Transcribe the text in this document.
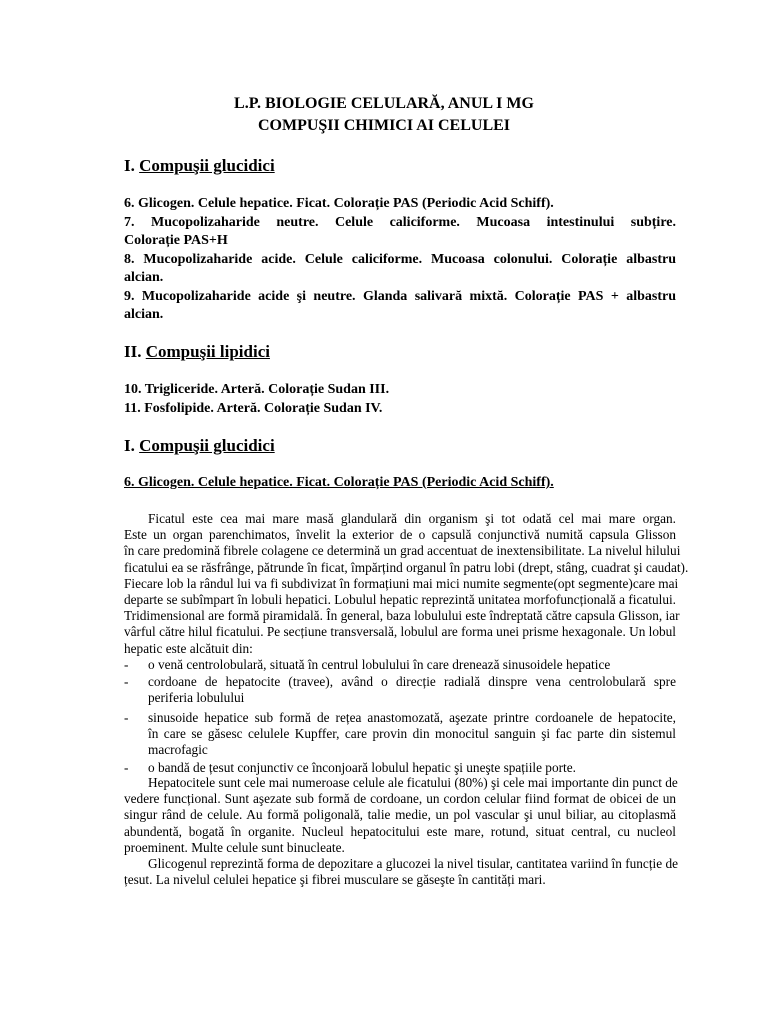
L.P. BIOLOGIE CELULARĂ, ANUL I MG
COMPUŞII CHIMICI AI CELULEI
I. Compuşii glucidici
6. Glicogen. Celule hepatice. Ficat. Colorație PAS (Periodic Acid Schiff).
7. Mucopolizaharide neutre. Celule caliciforme. Mucoasa intestinului subțire.
Colorație PAS+H
8. Mucopolizaharide acide. Celule caliciforme. Mucoasa colonului. Colorație albastru
alcian.
9. Mucopolizaharide acide şi neutre. Glanda salivară mixtă. Colorație PAS + albastru
alcian.
II. Compuşii lipidici
10. Trigliceride. Arteră. Colorație Sudan III.
11. Fosfolipide. Arteră. Colorație Sudan IV.
I. Compuşii glucidici
6. Glicogen. Celule hepatice. Ficat. Colorație PAS (Periodic Acid Schiff).
Ficatul este cea mai mare masă glandulară din organism şi tot odată cel mai mare organ.
Este un organ parenchimatos, învelit la exterior de o capsulă conjunctivă numită capsula Glisson
în care predomină fibrele colagene ce determină un grad accentuat de inextensibilitate. La nivelul hilului
ficatului ea se răsfrânge, pătrunde în ficat, împărțind organul în patru lobi (drept, stâng, cuadrat şi caudat).
Fiecare lob la rândul lui va fi subdivizat în formațiuni mai mici numite segmente(opt segmente)care mai
departe se subîmpart în lobuli hepatici. Lobulul hepatic reprezintă unitatea morfofuncțională a ficatului.
Tridimensional are formă piramidală. În general, baza lobulului este îndreptată către capsula Glisson, iar
vârful către hilul ficatului. Pe secțiune transversală, lobulul are forma unei prisme hexagonale. Un lobul
hepatic este alcătuit din:
- o venă centrolobulară, situată în centrul lobulului în care drenează sinusoidele hepatice
- cordoane de hepatocite (travee), având o direcție radială dinspre vena centrolobulară spre
periferia lobulului
- sinusoide hepatice sub formă de rețea anastomozată, aşezate printre cordoanele de hepatocite,
în care se găsesc celulele Kupffer, care provin din monocitul sanguin şi fac parte din sistemul
macrofagic
- o bandă de țesut conjunctiv ce înconjoară lobulul hepatic şi uneşte spațiile porte.
Hepatocitele sunt cele mai numeroase celule ale ficatului (80%) şi cele mai importante din punct de
vedere funcțional. Sunt aşezate sub formă de cordoane, un cordon celular fiind format de obicei de un
singur rând de celule. Au formă poligonală, talie medie, un pol vascular şi unul biliar, au citoplasmă
abundentă, bogată în organite. Nucleul hepatocitului este mare, rotund, situat central, cu nucleol
proeminent. Multe celule sunt binucleate.
Glicogenul reprezintă forma de depozitare a glucozei la nivel tisular, cantitatea variind în funcție de
țesut. La nivelul celulei hepatice şi fibrei musculare se găseşte în cantități mari.
